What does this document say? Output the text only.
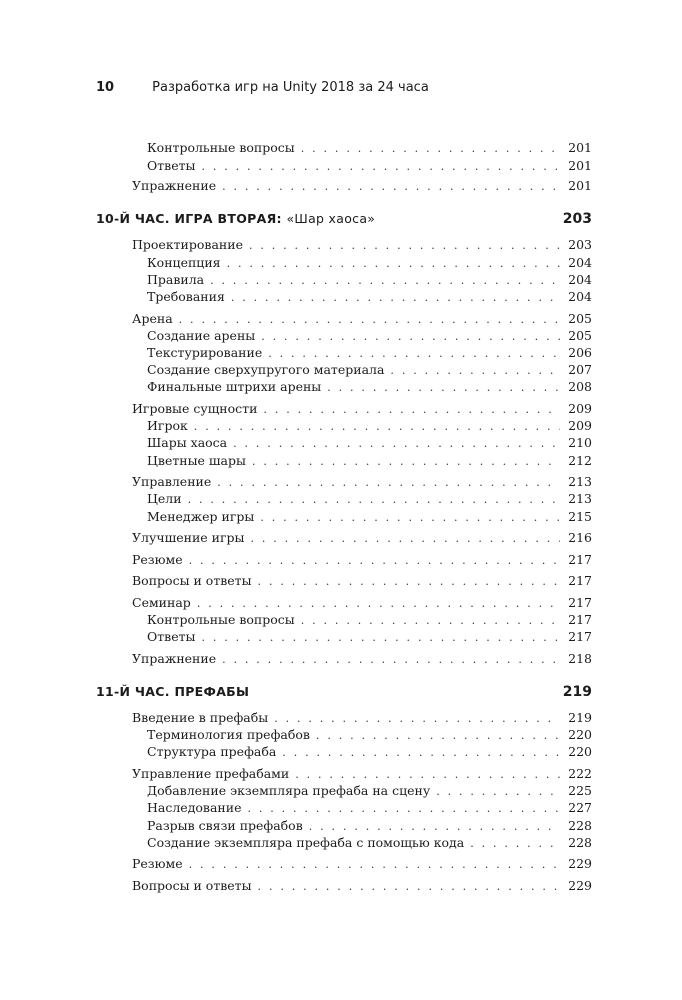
10	Разработка игр на Unity 2018 за 24 часа
Контрольные вопросы . . .	201
Ответы . . .	201
Упражнение . . .	201
10-Й ЧАС. ИГРА ВТОРАЯ: «Шар хаоса»	203
Проектирование . . .	203
Концепция . . .	204
Правила . . .	204
Требования . . .	204
Арена . . .	205
Создание арены . . .	205
Текстурирование . . .	206
Создание сверхупругого материала . . .	207
Финальные штрихи арены . . .	208
Игровые сущности . . .	209
Игрок . . .	209
Шары хаоса . . .	210
Цветные шары . . .	212
Управление . . .	213
Цели . . .	213
Менеджер игры . . .	215
Улучшение игры . . .	216
Резюме . . .	217
Вопросы и ответы . . .	217
Семинар . . .	217
Контрольные вопросы . . .	217
Ответы . . .	217
Упражнение . . .	218
11-Й ЧАС. ПРЕФАБЫ	219
Введение в префабы . . .	219
Терминология префабов . . .	220
Структура префаба . . .	220
Управление префабами . . .	222
Добавление экземпляра префаба на сцену . . .	225
Наследование . . .	227
Разрыв связи префабов . . .	228
Создание экземпляра префаба с помощью кода . . .	228
Резюме . . .	229
Вопросы и ответы . . .	229
